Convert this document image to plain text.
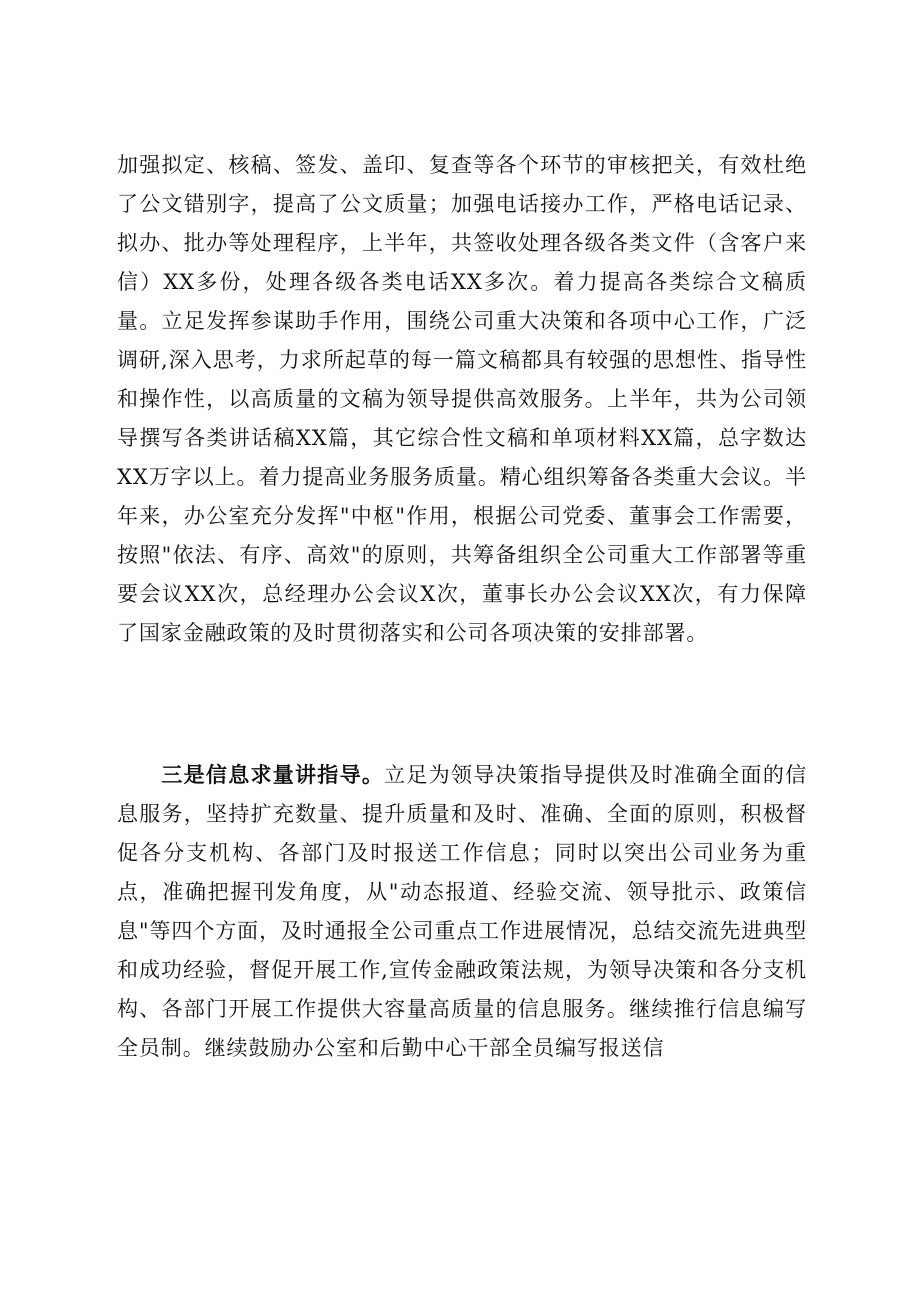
加强拟定、核稿、签发、盖印、复查等各个环节的审核把关，有效杜绝了公文错别字，提高了公文质量；加强电话接办工作，严格电话记录、拟办、批办等处理程序，上半年，共签收处理各级各类文件（含客户来信）XX多份，处理各级各类电话XX多次。着力提高各类综合文稿质量。立足发挥参谋助手作用，围绕公司重大决策和各项中心工作，广泛调研,深入思考，力求所起草的每一篇文稿都具有较强的思想性、指导性和操作性，以高质量的文稿为领导提供高效服务。上半年，共为公司领导撰写各类讲话稿XX篇，其它综合性文稿和单项材料XX篇，总字数达XX万字以上。着力提高业务服务质量。精心组织筹备各类重大会议。半年来，办公室充分发挥"中枢"作用，根据公司党委、董事会工作需要，按照"依法、有序、高效"的原则，共筹备组织全公司重大工作部署等重要会议XX次，总经理办公会议X次，董事长办公会议XX次，有力保障了国家金融政策的及时贯彻落实和公司各项决策的安排部署。

三是信息求量讲指导。立足为领导决策指导提供及时准确全面的信息服务，坚持扩充数量、提升质量和及时、准确、全面的原则，积极督促各分支机构、各部门及时报送工作信息；同时以突出公司业务为重点，准确把握刊发角度，从"动态报道、经验交流、领导批示、政策信息"等四个方面，及时通报全公司重点工作进展情况，总结交流先进典型和成功经验，督促开展工作,宣传金融政策法规，为领导决策和各分支机构、各部门开展工作提供大容量高质量的信息服务。继续推行信息编写全员制。继续鼓励办公室和后勤中心干部全员编写报送信
